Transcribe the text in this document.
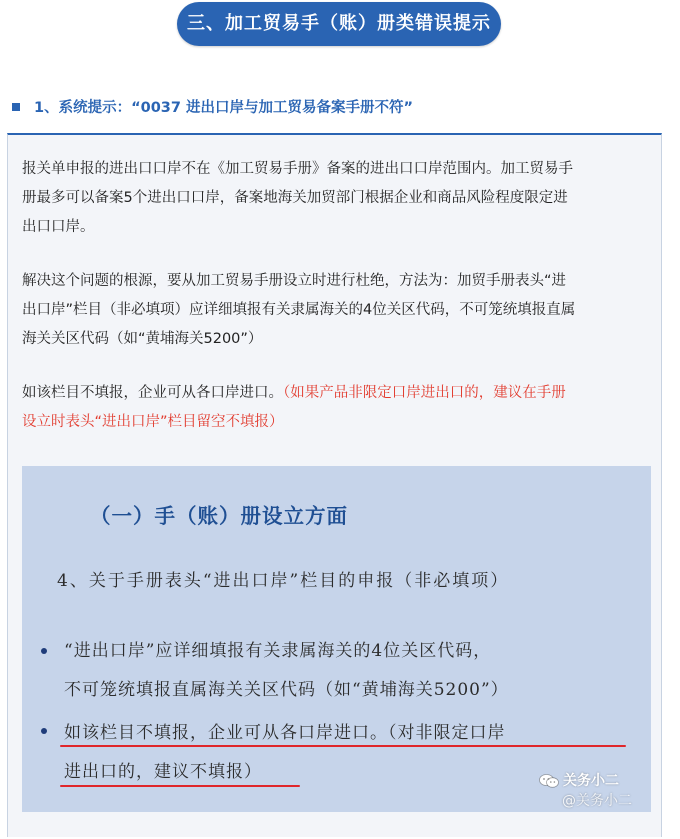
三、加工贸易手（账）册类错误提示
1、系统提示：“0037 进出口岸与加工贸易备案手册不符”

报关单申报的进出口口岸不在《加工贸易手册》备案的进出口口岸范围内。加工贸易手
册最多可以备案5个进出口口岸，备案地海关加贸部门根据企业和商品风险程度限定进
出口口岸。

解决这个问题的根源，要从加工贸易手册设立时进行杜绝，方法为：加贸手册表头“进
出口岸”栏目（非必填项）应详细填报有关隶属海关的4位关区代码，不可笼统填报直属
海关关区代码（如“黄埔海关5200”）

如该栏目不填报，企业可从各口岸进口。（如果产品非限定口岸进出口的，建议在手册
设立时表头“进出口岸”栏目留空不填报）

（一）手（账）册设立方面
4、关于手册表头“进出口岸”栏目的申报（非必填项）
“进出口岸”应详细填报有关隶属海关的4位关区代码，
不可笼统填报直属海关关区代码（如“黄埔海关5200”）
如该栏目不填报，企业可从各口岸进口。（对非限定口岸
进出口的，建议不填报）	关务小二
@关务小二
